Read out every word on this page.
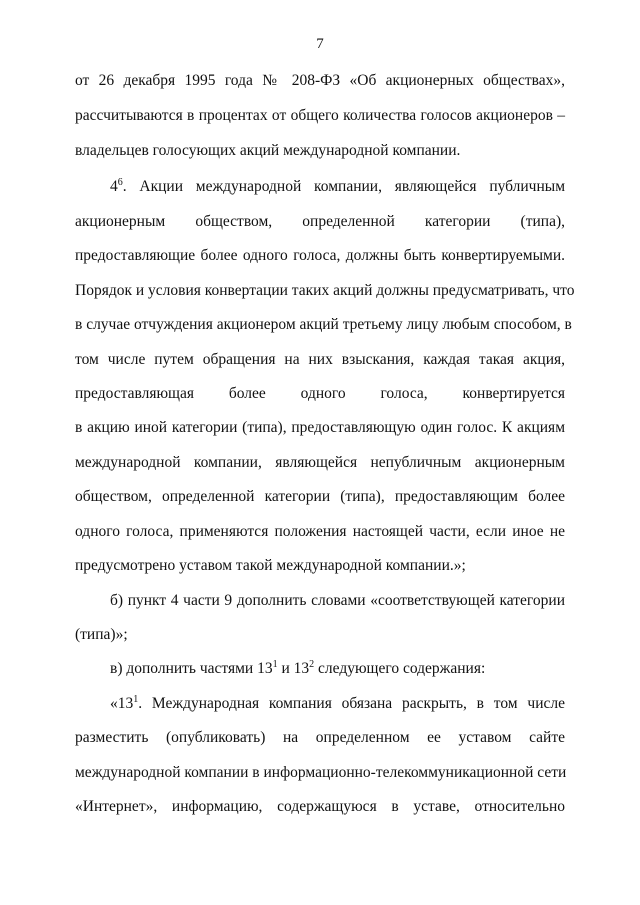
7
от 26 декабря 1995 года № 208-ФЗ «Об акционерных обществах»,
рассчитываются в процентах от общего количества голосов акционеров –
владельцев голосующих акций международной компании.
$4^6$. Акции международной компании, являющейся публичным
акционерным обществом, определенной категории (типа),
предоставляющие более одного голоса, должны быть конвертируемыми.
Порядок и условия конвертации таких акций должны предусматривать, что
в случае отчуждения акционером акций третьему лицу любым способом, в
том числе путем обращения на них взыскания, каждая такая акция,
предоставляющая более одного голоса, конвертируется
в акцию иной категории (типа), предоставляющую один голос. К акциям
международной компании, являющейся непубличным акционерным
обществом, определенной категории (типа), предоставляющим более
одного голоса, применяются положения настоящей части, если иное не
предусмотрено уставом такой международной компании.»;
б) пункт 4 части 9 дополнить словами «соответствующей категории
(типа)»;
в) дополнить частями $13^1$ и $13^2$ следующего содержания:
«$13^1$. Международная компания обязана раскрыть, в том числе
разместить (опубликовать) на определенном ее уставом сайте
международной компании в информационно-телекоммуникационной сети
«Интернет», информацию, содержащуюся в уставе, относительно
